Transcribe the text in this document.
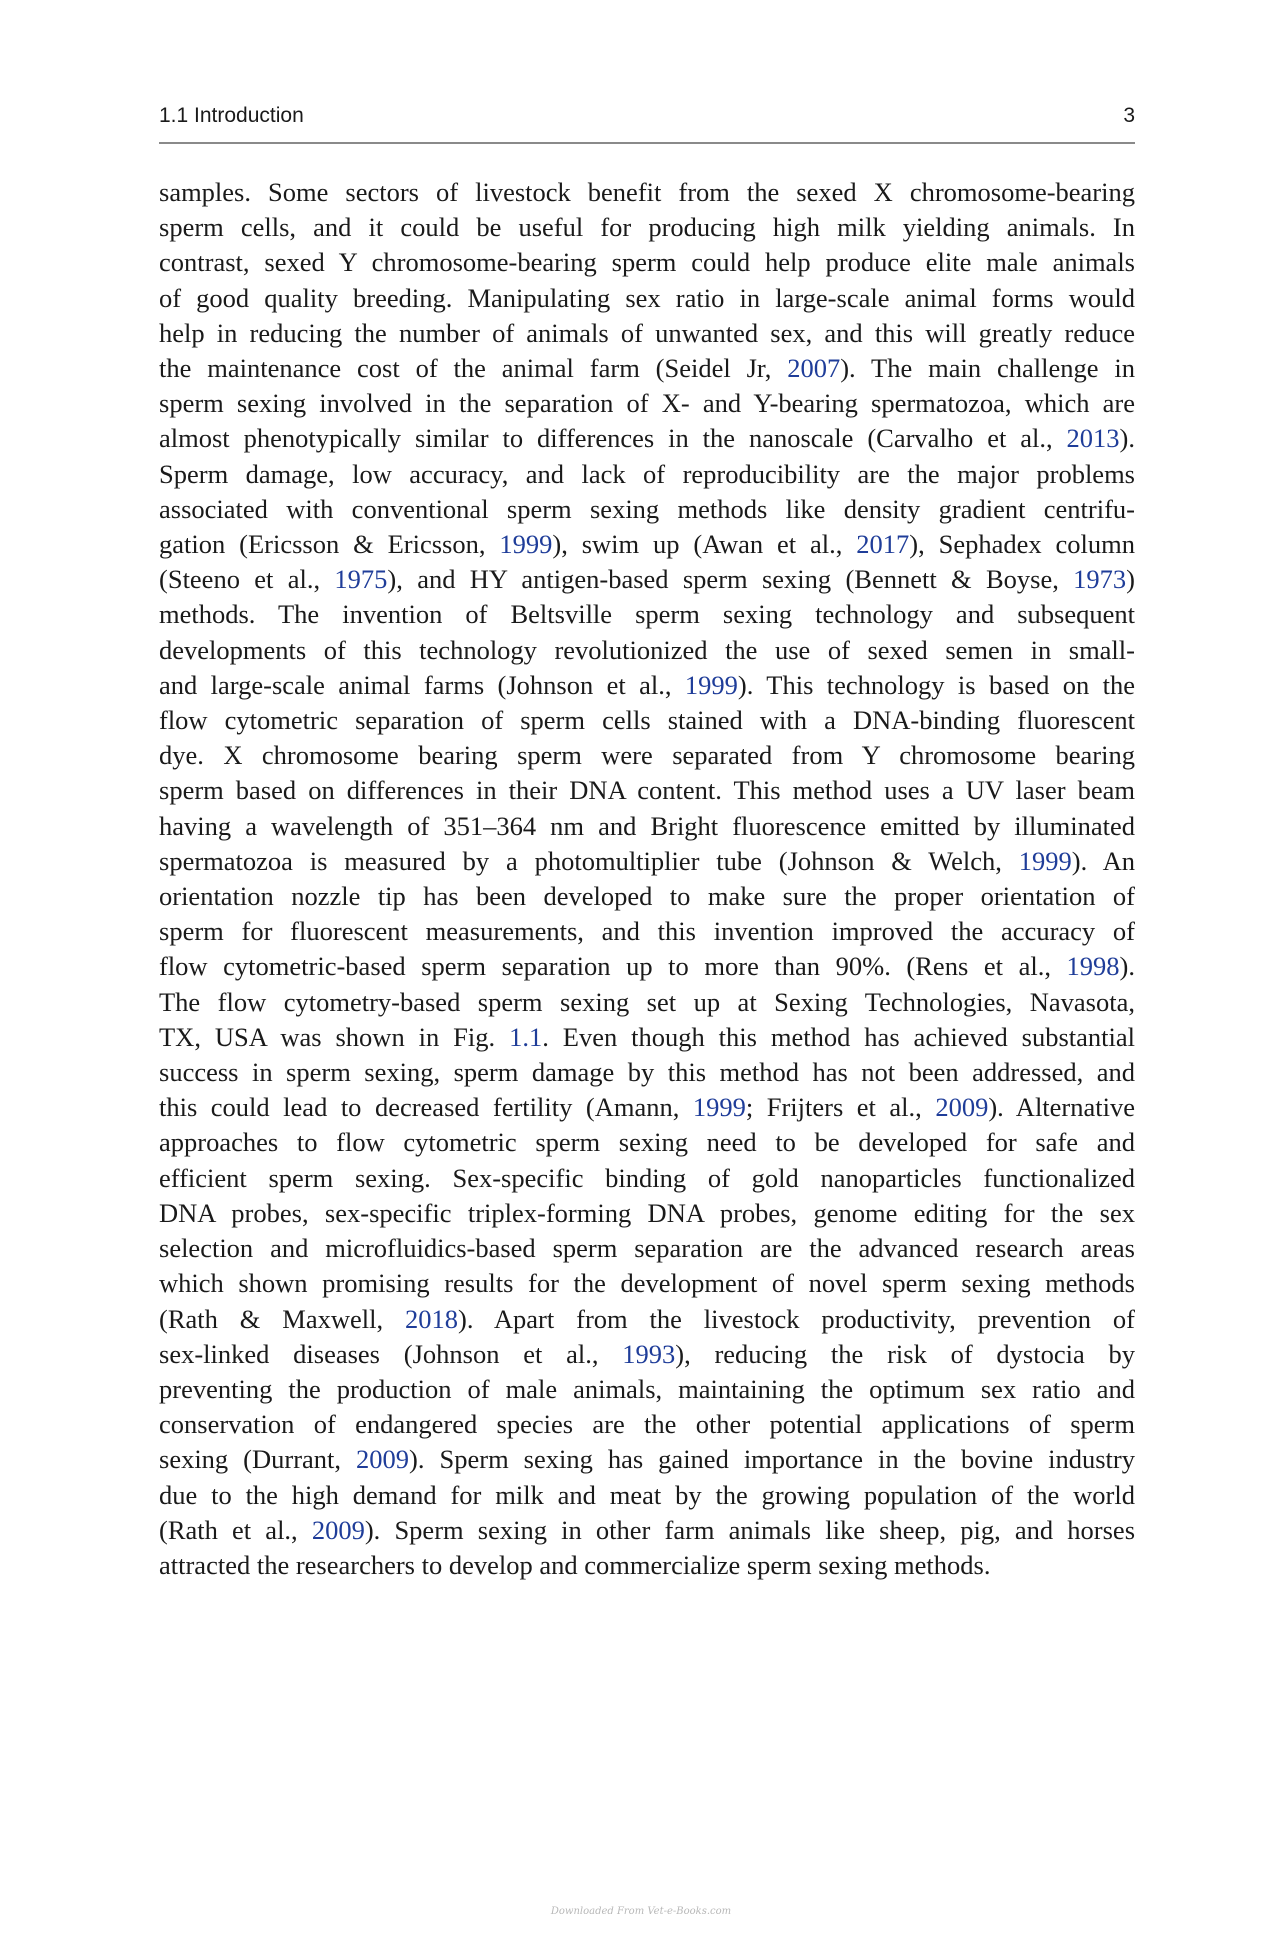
1.1 Introduction	3
samples. Some sectors of livestock benefit from the sexed X chromosome-bearing
sperm cells, and it could be useful for producing high milk yielding animals. In
contrast, sexed Y chromosome-bearing sperm could help produce elite male animals
of good quality breeding. Manipulating sex ratio in large-scale animal forms would
help in reducing the number of animals of unwanted sex, and this will greatly reduce
the maintenance cost of the animal farm (Seidel Jr, 2007). The main challenge in
sperm sexing involved in the separation of X- and Y-bearing spermatozoa, which are
almost phenotypically similar to differences in the nanoscale (Carvalho et al., 2013).
Sperm damage, low accuracy, and lack of reproducibility are the major problems
associated with conventional sperm sexing methods like density gradient centrifu-
gation (Ericsson & Ericsson, 1999), swim up (Awan et al., 2017), Sephadex column
(Steeno et al., 1975), and HY antigen-based sperm sexing (Bennett & Boyse, 1973)
methods. The invention of Beltsville sperm sexing technology and subsequent
developments of this technology revolutionized the use of sexed semen in small-
and large-scale animal farms (Johnson et al., 1999). This technology is based on the
flow cytometric separation of sperm cells stained with a DNA-binding fluorescent
dye. X chromosome bearing sperm were separated from Y chromosome bearing
sperm based on differences in their DNA content. This method uses a UV laser beam
having a wavelength of 351–364 nm and Bright fluorescence emitted by illuminated
spermatozoa is measured by a photomultiplier tube (Johnson & Welch, 1999). An
orientation nozzle tip has been developed to make sure the proper orientation of
sperm for fluorescent measurements, and this invention improved the accuracy of
flow cytometric-based sperm separation up to more than 90%. (Rens et al., 1998).
The flow cytometry-based sperm sexing set up at Sexing Technologies, Navasota,
TX, USA was shown in Fig. 1.1. Even though this method has achieved substantial
success in sperm sexing, sperm damage by this method has not been addressed, and
this could lead to decreased fertility (Amann, 1999; Frijters et al., 2009). Alternative
approaches to flow cytometric sperm sexing need to be developed for safe and
efficient sperm sexing. Sex-specific binding of gold nanoparticles functionalized
DNA probes, sex-specific triplex-forming DNA probes, genome editing for the sex
selection and microfluidics-based sperm separation are the advanced research areas
which shown promising results for the development of novel sperm sexing methods
(Rath & Maxwell, 2018). Apart from the livestock productivity, prevention of
sex-linked diseases (Johnson et al., 1993), reducing the risk of dystocia by
preventing the production of male animals, maintaining the optimum sex ratio and
conservation of endangered species are the other potential applications of sperm
sexing (Durrant, 2009). Sperm sexing has gained importance in the bovine industry
due to the high demand for milk and meat by the growing population of the world
(Rath et al., 2009). Sperm sexing in other farm animals like sheep, pig, and horses
attracted the researchers to develop and commercialize sperm sexing methods.
Downloaded From Vet-e-Books.com
